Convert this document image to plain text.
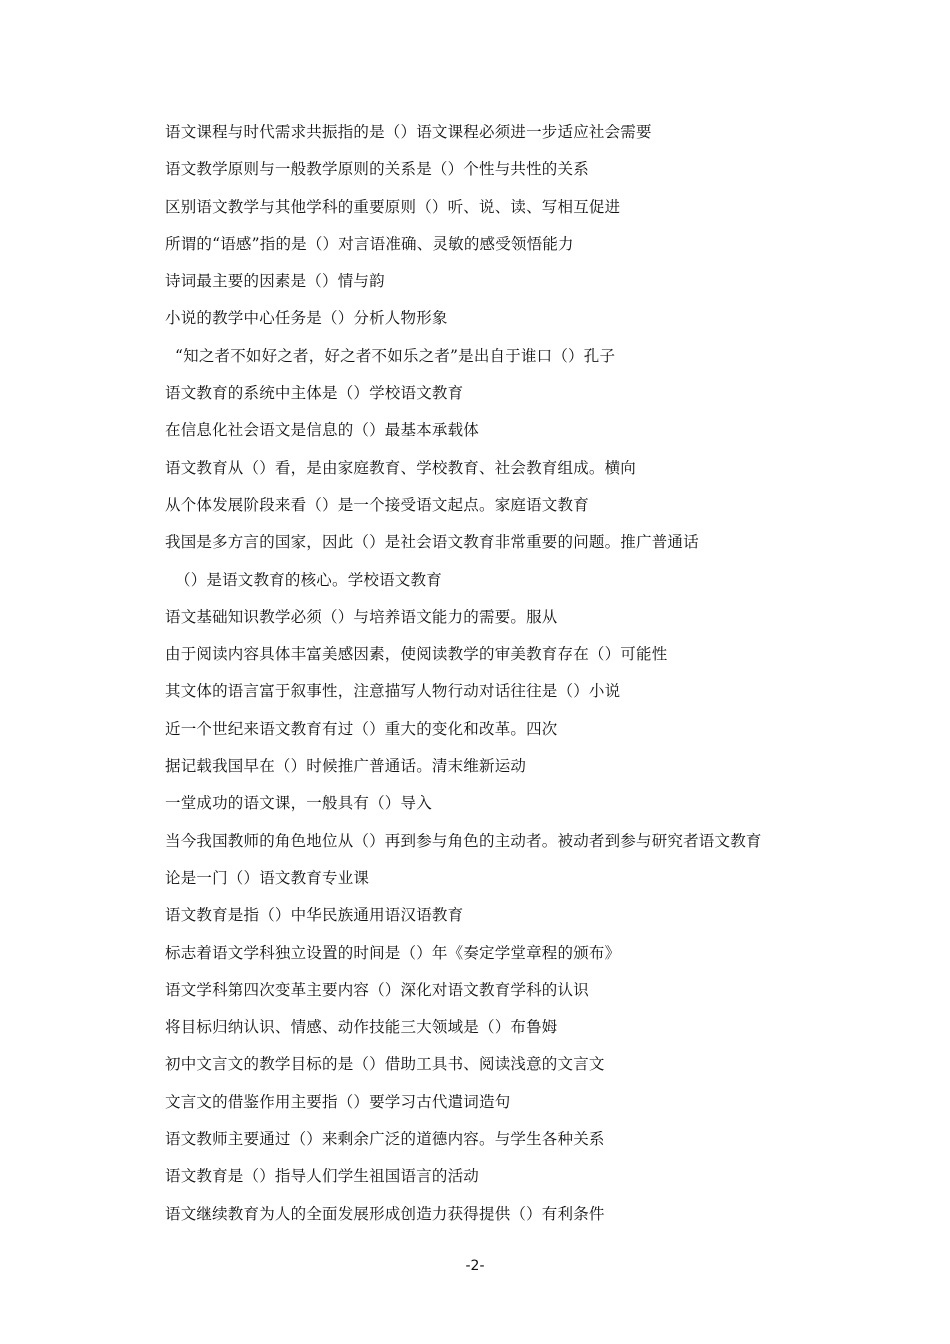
语文课程与时代需求共振指的是（）语文课程必须进一步适应社会需要
语文教学原则与一般教学原则的关系是（）个性与共性的关系
区别语文教学与其他学科的重要原则（）听、说、读、写相互促进
所谓的“语感”指的是（）对言语准确、灵敏的感受领悟能力
诗词最主要的因素是（）情与韵
小说的教学中心任务是（）分析人物形象
“知之者不如好之者，好之者不如乐之者”是出自于谁口（）孔子
语文教育的系统中主体是（）学校语文教育
在信息化社会语文是信息的（）最基本承载体
语文教育从（）看，是由家庭教育、学校教育、社会教育组成。横向
从个体发展阶段来看（）是一个接受语文起点。家庭语文教育
我国是多方言的国家，因此（）是社会语文教育非常重要的问题。推广普通话
（）是语文教育的核心。学校语文教育
语文基础知识教学必须（）与培养语文能力的需要。服从
由于阅读内容具体丰富美感因素，使阅读教学的审美教育存在（）可能性
其文体的语言富于叙事性，注意描写人物行动对话往往是（）小说
近一个世纪来语文教育有过（）重大的变化和改革。四次
据记载我国早在（）时候推广普通话。清末维新运动
一堂成功的语文课，一般具有（）导入
当今我国教师的角色地位从（）再到参与角色的主动者。被动者到参与研究者语文教育
论是一门（）语文教育专业课
语文教育是指（）中华民族通用语汉语教育
标志着语文学科独立设置的时间是（）年《奏定学堂章程的颁布》
语文学科第四次变革主要内容（）深化对语文教育学科的认识
将目标归纳认识、情感、动作技能三大领域是（）布鲁姆
初中文言文的教学目标的是（）借助工具书、阅读浅意的文言文
文言文的借鉴作用主要指（）要学习古代遣词造句
语文教师主要通过（）来剩余广泛的道德内容。与学生各种关系
语文教育是（）指导人们学生祖国语言的活动
语文继续教育为人的全面发展形成创造力获得提供（）有利条件
-2-
